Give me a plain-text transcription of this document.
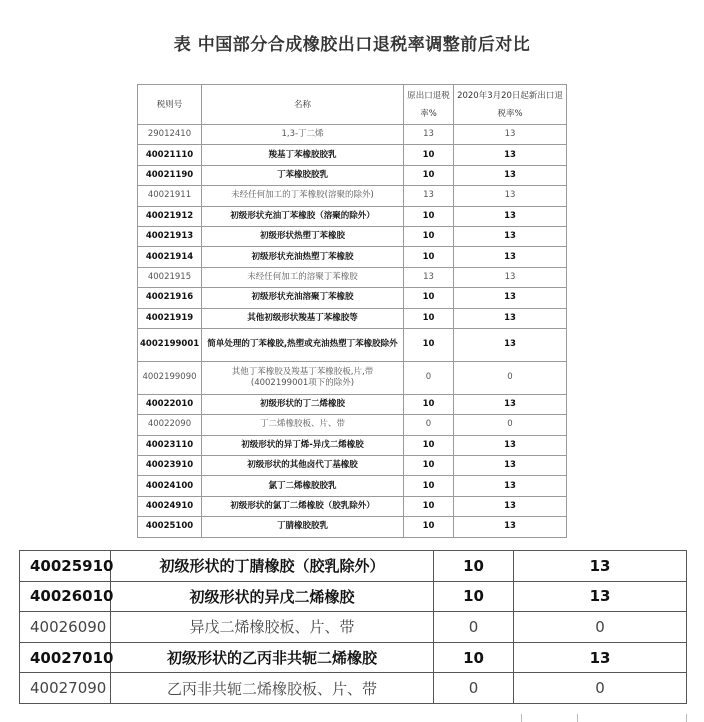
表 中国部分合成橡胶出口退税率调整前后对比
税则号	名称	原出口退税率%	2020年3月20日起新出口退税率%
29012410	1,3-丁二烯	13	13
40021110	羧基丁苯橡胶胶乳	10	13
40021190	丁苯橡胶胶乳	10	13
40021911	未经任何加工的丁苯橡胶(溶聚的除外)	13	13
40021912	初级形状充油丁苯橡胶（溶聚的除外）	10	13
40021913	初级形状热塑丁苯橡胶	10	13
40021914	初级形状充油热塑丁苯橡胶	10	13
40021915	未经任何加工的溶聚丁苯橡胶	13	13
40021916	初级形状充油溶聚丁苯橡胶	10	13
40021919	其他初级形状羧基丁苯橡胶等	10	13
4002199001	简单处理的丁苯橡胶,热塑或充油热塑丁苯橡胶除外	10	13
4002199090	其他丁苯橡胶及羧基丁苯橡胶板,片,带(4002199001项下的除外)	0	0
40022010	初级形状的丁二烯橡胶	10	13
40022090	丁二烯橡胶板、片、带	0	0
40023110	初级形状的异丁烯-异戊二烯橡胶	10	13
40023910	初级形状的其他卤代丁基橡胶	10	13
40024100	氯丁二烯橡胶胶乳	10	13
40024910	初级形状的氯丁二烯橡胶（胶乳除外）	10	13
40025100	丁腈橡胶胶乳	10	13
40025910	初级形状的丁腈橡胶（胶乳除外）	10	13
40026010	初级形状的异戊二烯橡胶	10	13
40026090	异戊二烯橡胶板、片、带	0	0
40027010	初级形状的乙丙非共轭二烯橡胶	10	13
40027090	乙丙非共轭二烯橡胶板、片、带	0	0
